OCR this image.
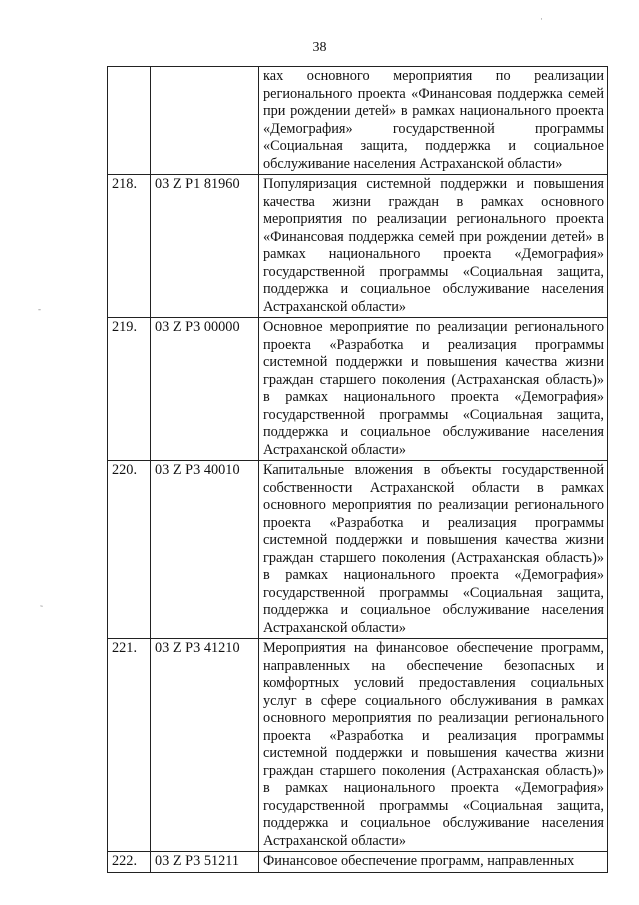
38
		ках основного мероприятия по реализации регионального проекта «Финансовая поддержка семей при рождении детей» в рамках национального проекта «Демография» государственной программы «Социальная защита, поддержка и социальное обслуживание населения Астраханской области»
218.	03 Z P1 81960	Популяризация системной поддержки и повышения качества жизни граждан в рамках основного мероприятия по реализации регионального проекта «Финансовая поддержка семей при рождении детей» в рамках национального проекта «Демография» государственной программы «Социальная защита, поддержка и социальное обслуживание населения Астраханской области»
219.	03 Z P3 00000	Основное мероприятие по реализации регионального проекта «Разработка и реализация программы системной поддержки и повышения качества жизни граждан старшего поколения (Астраханская область)» в рамках национального проекта «Демография» государственной программы «Социальная защита, поддержка и социальное обслуживание населения Астраханской области»
220.	03 Z P3 40010	Капитальные вложения в объекты государственной собственности Астраханской области в рамках основного мероприятия по реализации регионального проекта «Разработка и реализация программы системной поддержки и повышения качества жизни граждан старшего поколения (Астраханская область)» в рамках национального проекта «Демография» государственной программы «Социальная защита, поддержка и социальное обслуживание населения Астраханской области»
221.	03 Z P3 41210	Мероприятия на финансовое обеспечение программ, направленных на обеспечение безопасных и комфортных условий предоставления социальных услуг в сфере социального обслуживания в рамках основного мероприятия по реализации регионального проекта «Разработка и реализация программы системной поддержки и повышения качества жизни граждан старшего поколения (Астраханская область)» в рамках национального проекта «Демография» государственной программы «Социальная защита, поддержка и социальное обслуживание населения Астраханской области»
222.	03 Z P3 51211	Финансовое обеспечение программ, направленных
‐
˜
·
